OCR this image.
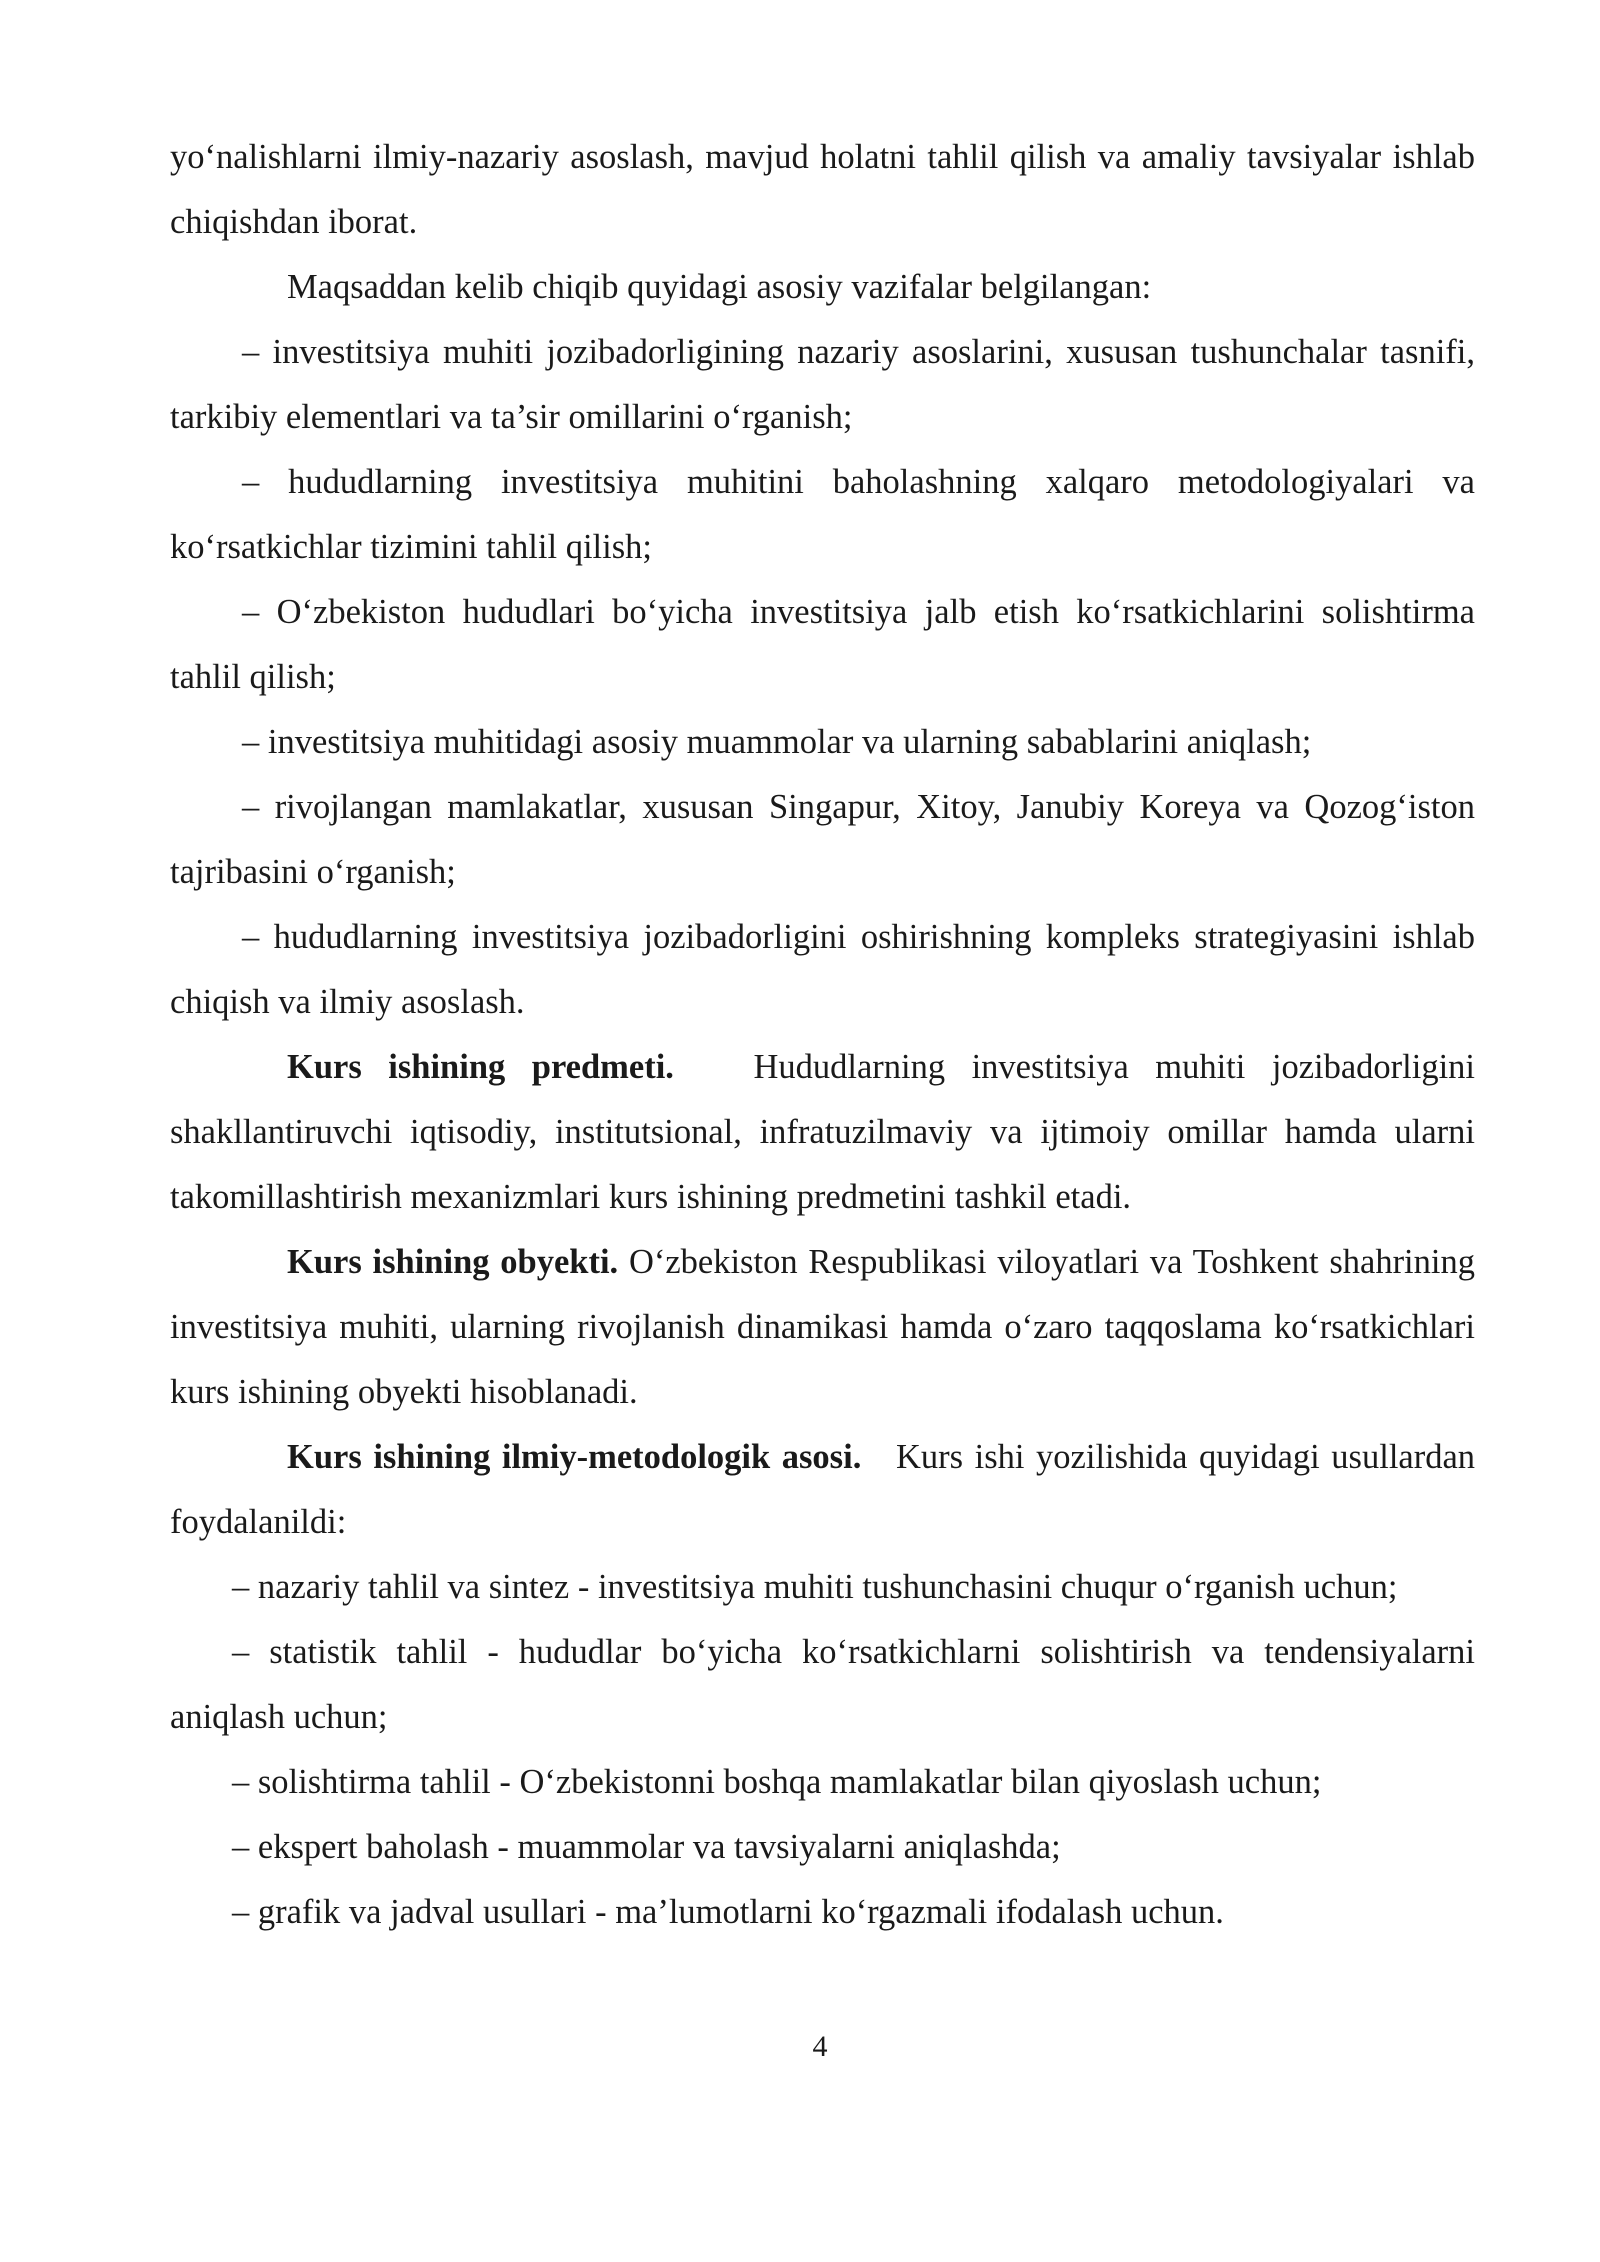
yo‘nalishlarni ilmiy-nazariy asoslash, mavjud holatni tahlil qilish va amaliy tavsiyalar ishlab chiqishdan iborat.

Maqsaddan kelib chiqib quyidagi asosiy vazifalar belgilangan:

– investitsiya muhiti jozibadorligining nazariy asoslarini, xususan tushunchalar tasnifi, tarkibiy elementlari va ta’sir omillarini o‘rganish;

– hududlarning investitsiya muhitini baholashning xalqaro metodologiyalari va ko‘rsatkichlar tizimini tahlil qilish;

– O‘zbekiston hududlari bo‘yicha investitsiya jalb etish ko‘rsatkichlarini solishtirma tahlil qilish;

– investitsiya muhitidagi asosiy muammolar va ularning sabablarini aniqlash;

– rivojlangan mamlakatlar, xususan Singapur, Xitoy, Janubiy Koreya va Qozog‘iston tajribasini o‘rganish;

– hududlarning investitsiya jozibadorligini oshirishning kompleks strategiyasini ishlab chiqish va ilmiy asoslash.

Kurs ishining predmeti. Hududlarning investitsiya muhiti jozibadorligini shakllantiruvchi iqtisodiy, institutsional, infratuzilmaviy va ijtimoiy omillar hamda ularni takomillashtirish mexanizmlari kurs ishining predmetini tashkil etadi.

Kurs ishining obyekti. O‘zbekiston Respublikasi viloyatlari va Toshkent shahrining investitsiya muhiti, ularning rivojlanish dinamikasi hamda o‘zaro taqqoslama ko‘rsatkichlari kurs ishining obyekti hisoblanadi.

Kurs ishining ilmiy-metodologik asosi. Kurs ishi yozilishida quyidagi usullardan foydalanildi:

– nazariy tahlil va sintez - investitsiya muhiti tushunchasini chuqur o‘rganish uchun;

– statistik tahlil - hududlar bo‘yicha ko‘rsatkichlarni solishtirish va tendensiyalarni aniqlash uchun;

– solishtirma tahlil - O‘zbekistonni boshqa mamlakatlar bilan qiyoslash uchun;

– ekspert baholash - muammolar va tavsiyalarni aniqlashda;

– grafik va jadval usullari - ma’lumotlarni ko‘rgazmali ifodalash uchun.

4
